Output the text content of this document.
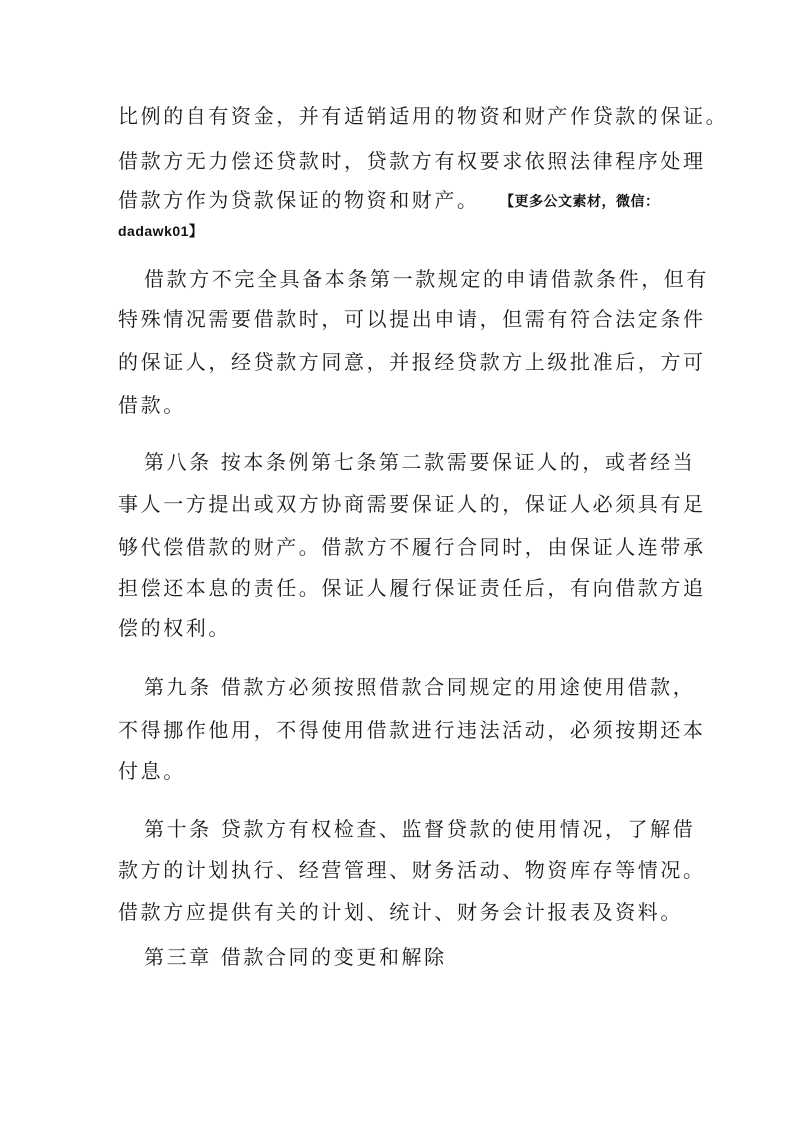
比例的自有资金，并有适销适用的物资和财产作贷款的保证。
借款方无力偿还贷款时，贷款方有权要求依照法律程序处理
借款方作为贷款保证的物资和财产。 【更多公文素材，微信：
dadawk01】
借款方不完全具备本条第一款规定的申请借款条件，但有
特殊情况需要借款时，可以提出申请，但需有符合法定条件
的保证人，经贷款方同意，并报经贷款方上级批准后，方可
借款。
第八条 按本条例第七条第二款需要保证人的，或者经当
事人一方提出或双方协商需要保证人的，保证人必须具有足
够代偿借款的财产。借款方不履行合同时，由保证人连带承
担偿还本息的责任。保证人履行保证责任后，有向借款方追
偿的权利。
第九条 借款方必须按照借款合同规定的用途使用借款，
不得挪作他用，不得使用借款进行违法活动，必须按期还本
付息。
第十条 贷款方有权检查、监督贷款的使用情况，了解借
款方的计划执行、经营管理、财务活动、物资库存等情况。
借款方应提供有关的计划、统计、财务会计报表及资料。
第三章 借款合同的变更和解除
